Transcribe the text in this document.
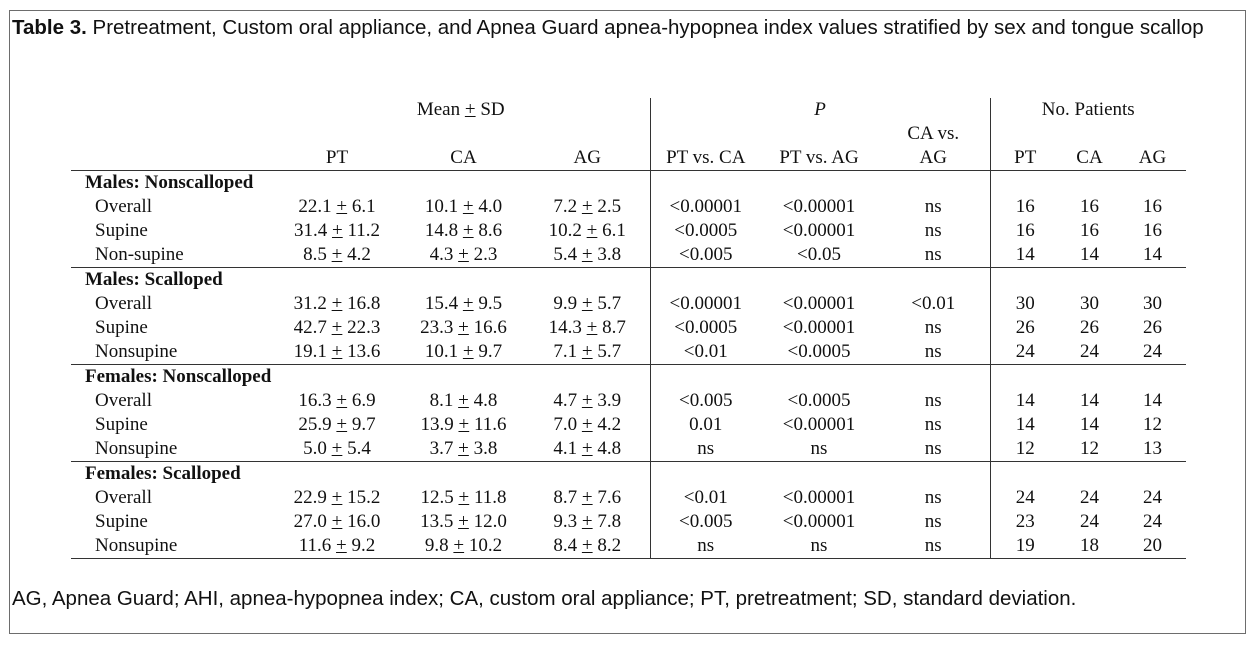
Table 3. Pretreatment, Custom oral appliance, and Apnea Guard apnea-hypopnea index values stratified by sex and tongue scallop
	Mean + SD			P			No. Patients		
						CA vs.			
	PT	CA	AG	PT vs. CA	PT vs. AG	AG	PT	CA	AG
Males: Nonscalloped									
Overall	22.1 + 6.1	10.1 + 4.0	7.2 + 2.5	<0.00001	<0.00001	ns	16	16	16
Supine	31.4 + 11.2	14.8 + 8.6	10.2 + 6.1	<0.0005	<0.00001	ns	16	16	16
Non-supine	8.5 + 4.2	4.3 + 2.3	5.4 + 3.8	<0.005	<0.05	ns	14	14	14
Males: Scalloped									
Overall	31.2 + 16.8	15.4 + 9.5	9.9 + 5.7	<0.00001	<0.00001	<0.01	30	30	30
Supine	42.7 + 22.3	23.3 + 16.6	14.3 + 8.7	<0.0005	<0.00001	ns	26	26	26
Nonsupine	19.1 + 13.6	10.1 + 9.7	7.1 + 5.7	<0.01	<0.0005	ns	24	24	24
Females: Nonscalloped									
Overall	16.3 + 6.9	8.1 + 4.8	4.7 + 3.9	<0.005	<0.0005	ns	14	14	14
Supine	25.9 + 9.7	13.9 + 11.6	7.0 + 4.2	0.01	<0.00001	ns	14	14	12
Nonsupine	5.0 + 5.4	3.7 + 3.8	4.1 + 4.8	ns	ns	ns	12	12	13
Females: Scalloped									
Overall	22.9 + 15.2	12.5 + 11.8	8.7 + 7.6	<0.01	<0.00001	ns	24	24	24
Supine	27.0 + 16.0	13.5 + 12.0	9.3 + 7.8	<0.005	<0.00001	ns	23	24	24
Nonsupine	11.6 + 9.2	9.8 + 10.2	8.4 + 8.2	ns	ns	ns	19	18	20
AG, Apnea Guard; AHI, apnea-hypopnea index; CA, custom oral appliance; PT, pretreatment; SD, standard deviation.
